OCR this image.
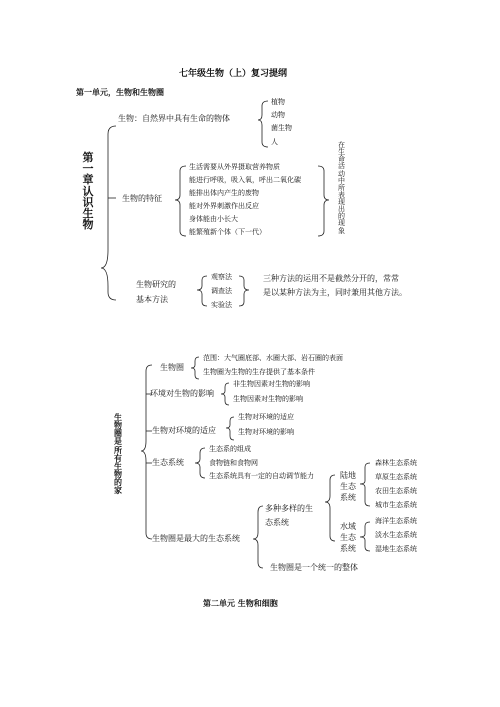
七年级生物（上）复习提纲
第一单元，生物和生物圈
第一章 认识生物
生物：自然界中具有生命的物体
植物
动物
菌生物
人
生物的特征
生活需要从外界摄取营养物质
能进行呼吸，吸入氧，呼出二氧化碳
能排出体内产生的废物
能对外界刺激作出反应
身体能由小长大
能繁殖新个体（下一代）
在生命活动中所表现出的现象
生物研究的
基本方法
观察法
调查法
实验法
三种方法的运用不是截然分开的，常常
是以某种方法为主，同时兼用其他方法。
生物圈是所有生物的家
生物圈
范围：大气圈底部、水圈大部、岩石圈的表面
生物圈为生物的生存提供了基本条件
环境对生物的影响
非生物因素对生物的影响
生物因素对生物的影响
生物对环境的适应
生物对环境的适应
生物对环境的影响
生态系统
生态系的组成
食物链和食物网
生态系统具有一定的自动调节能力
生物圈是最大的生态系统
多种多样的生
态系统
陆地生态系统
水域生态系统
森林生态系统
草原生态系统
农田生态系统
城市生态系统
海洋生态系统
淡水生态系统
湿地生态系统
生物圈是一个统一的整体
第二单元 生物和细胞
